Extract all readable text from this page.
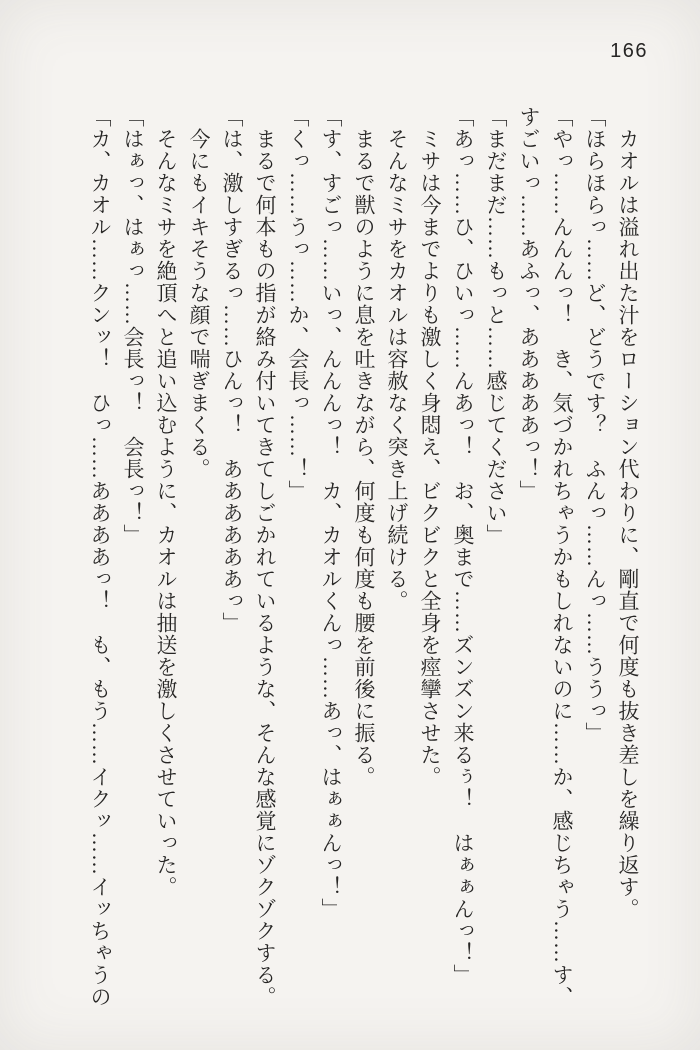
166

　カオルは溢れ出た汁をローション代わりに、剛直で何度も抜き差しを繰り返す。

「ほらほらっ……ど、どうです？　ふんっ……んっ……ううっ」

「やっ……んんんっ！　き、気づかれちゃうかもしれないのに……か、感じちゃう……す、

すごいっ……あふっ、あああああっ！」

「まだまだ……もっと……感じてください」

「あっ……ひ、ひいっ……んあっ！　お、奥まで……ズンズン来るぅ！　はぁぁんっ！」

　ミサは今までよりも激しく身悶え、ビクビクと全身を痙攣させた。

　そんなミサをカオルは容赦なく突き上げ続ける。

　まるで獣のように息を吐きながら、何度も何度も腰を前後に振る。

「す、すごっ……いっ、んんんっ！　カ、カオルくんっ……あっ、はぁぁんっ！」

「くっ……うっ……か、会長っ……！」

　まるで何本もの指が絡み付いてきてしごかれているような、そんな感覚にゾクゾクする。

「は、激しすぎるっ……ひんっ！　ああああああっ」

　今にもイキそうな顔で喘ぎまくる。

　そんなミサを絶頂へと追い込むように、カオルは抽送を激しくさせていった。

「はぁっ、はぁっ……会長っ！　会長っ！」

「カ、カオル……クンッ！　ひっ……ああああっ！　も、もう……イクッ……イッちゃうの
